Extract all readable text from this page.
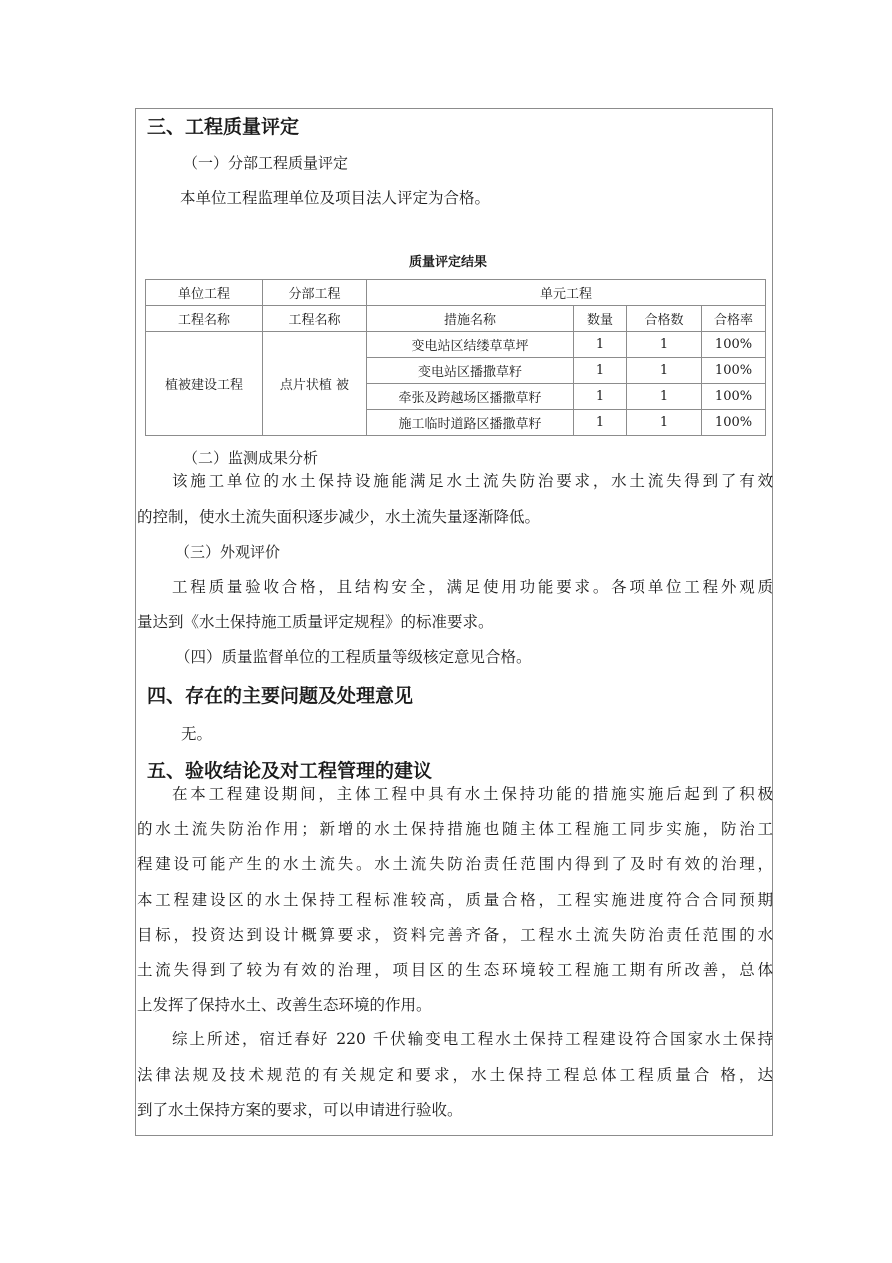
三、工程质量评定
（一）分部工程质量评定
本单位工程监理单位及项目法人评定为合格。
质量评定结果
单位工程	分部工程	单元工程			
工程名称	工程名称	措施名称	数量	合格数	合格率
植被建设工程	点片状植 被	变电站区结缕草草坪	1	1	100%
		变电站区播撒草籽	1	1	100%
		牵张及跨越场区播撒草籽	1	1	100%
		施工临时道路区播撒草籽	1	1	100%
（二）监测成果分析
该施工单位的水土保持设施能满足水土流失防治要求，水土流失得到了有效
的控制，使水土流失面积逐步减少，水土流失量逐渐降低。
（三）外观评价
工程质量验收合格，且结构安全，满足使用功能要求。各项单位工程外观质
量达到《水土保持施工质量评定规程》的标准要求。
（四）质量监督单位的工程质量等级核定意见合格。
四、存在的主要问题及处理意见
无。
五、验收结论及对工程管理的建议
在本工程建设期间，主体工程中具有水土保持功能的措施实施后起到了积极
的水土流失防治作用；新增的水土保持措施也随主体工程施工同步实施，防治工
程建设可能产生的水土流失。水土流失防治责任范围内得到了及时有效的治理，
本工程建设区的水土保持工程标准较高，质量合格，工程实施进度符合合同预期
目标，投资达到设计概算要求，资料完善齐备，工程水土流失防治责任范围的水
土流失得到了较为有效的治理，项目区的生态环境较工程施工期有所改善，总体
上发挥了保持水土、改善生态环境的作用。
综上所述，宿迁春好 220 千伏输变电工程水土保持工程建设符合国家水土保持
法律法规及技术规范的有关规定和要求，水土保持工程总体工程质量合 格，达
到了水土保持方案的要求，可以申请进行验收。
